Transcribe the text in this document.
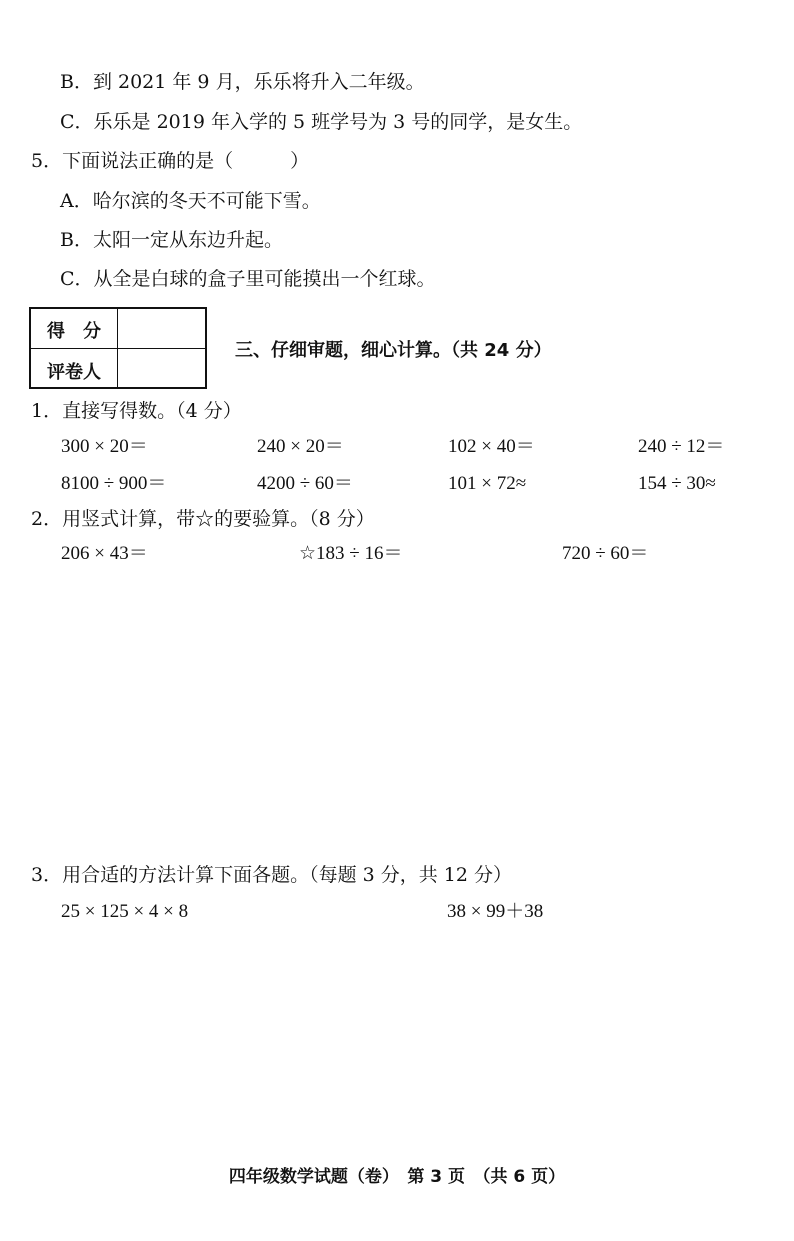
B．到 2021 年 9 月，乐乐将升入二年级。
C．乐乐是 2019 年入学的 5 班学号为 3 号的同学，是女生。
5．下面说法正确的是（　　　）
A．哈尔滨的冬天不可能下雪。
B．太阳一定从东边升起。
C．从全是白球的盒子里可能摸出一个红球。
得　分
评卷人
三、仔细审题，细心计算。（共 24 分）
1．直接写得数。（4 分）
300 × 20＝	240 × 20＝	102 × 40＝	240 ÷ 12＝
8100 ÷ 900＝	4200 ÷ 60＝	101 × 72≈	154 ÷ 30≈
2．用竖式计算，带☆的要验算。（8 分）
206 × 43＝	☆183 ÷ 16＝	720 ÷ 60＝
3．用合适的方法计算下面各题。（每题 3 分，共 12 分）
25 × 125 × 4 × 8	38 × 99＋38
四年级数学试题（卷）　第 3 页　（共 6 页）
